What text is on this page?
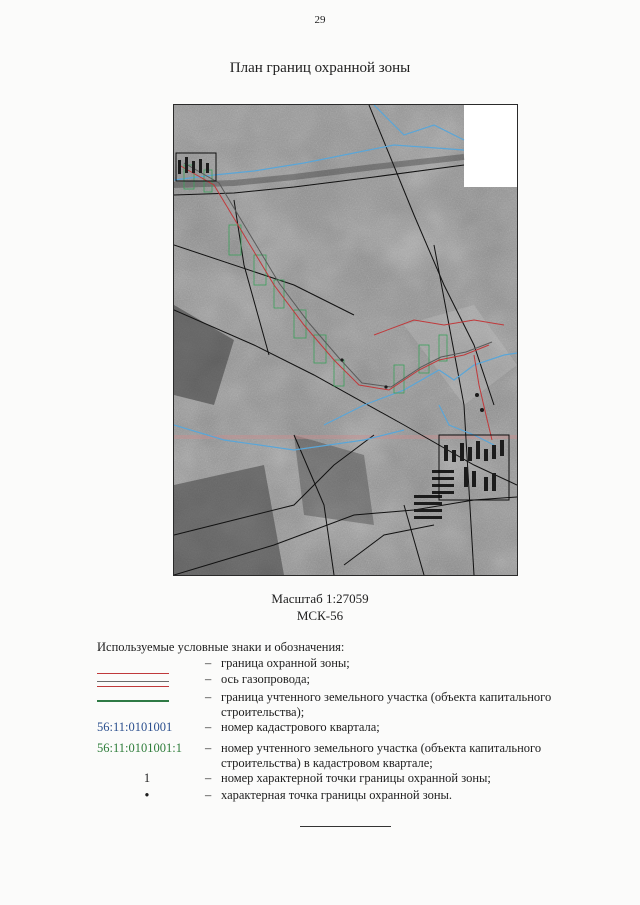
29
План границ охранной зоны
Масштаб 1:27059
МСК-56
Используемые условные знаки и обозначения:
– граница охранной зоны;
– ось газопровода;
– граница учтенного земельного участка (объекта капитального строительства);
56:11:0101001	– номер кадастрового квартала;
56:11:0101001:1	– номер учтенного земельного участка (объекта капитального строительства) в кадастровом квартале;
1	– номер характерной точки границы охранной зоны;
•	– характерная точка границы охранной зоны.
